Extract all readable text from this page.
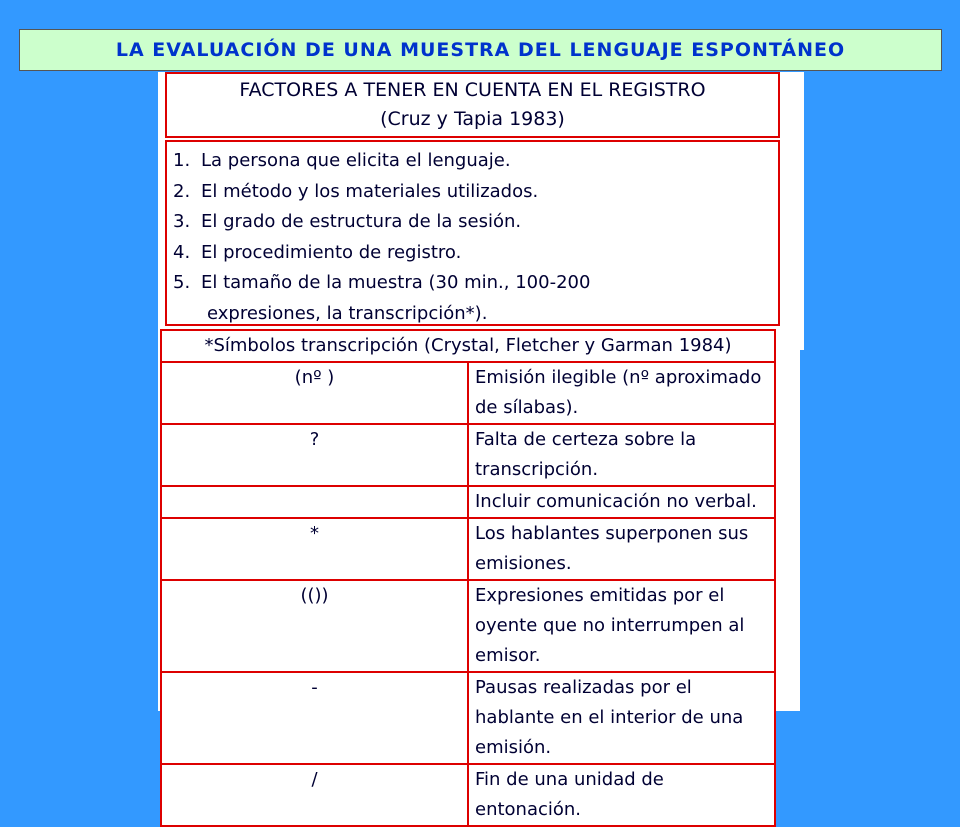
LA EVALUACIÓN DE UNA MUESTRA DEL LENGUAJE ESPONTÁNEO
FACTORES A TENER EN CUENTA EN EL REGISTRO
(Cruz y Tapia 1983)
1. La persona que elicita el lenguaje.
2. El método y los materiales utilizados.
3. El grado de estructura de la sesión.
4. El procedimiento de registro.
5. El tamaño de la muestra (30 min., 100-200
expresiones, la transcripción*).
*Símbolos transcripción (Crystal, Fletcher y Garman 1984)	
(nº )	Emisión ilegible (nº aproximado de sílabas).
?	Falta de certeza sobre la transcripción.
	Incluir comunicación no verbal.
*	Los hablantes superponen sus emisiones.
(())	Expresiones emitidas por el oyente que no interrumpen al emisor.
-	Pausas realizadas por el hablante en el interior de una emisión.
/	Fin de una unidad de entonación.
